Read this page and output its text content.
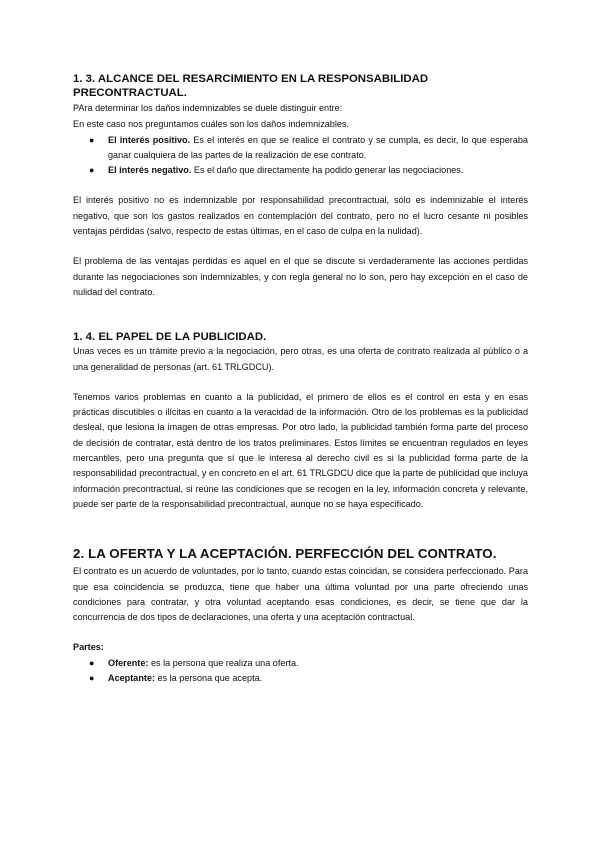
1. 3. ALCANCE DEL RESARCIMIENTO EN LA RESPONSABILIDAD PRECONTRACTUAL.
PAra determinar los daños indemnizables se duele distinguir entre:
En este caso nos preguntamos cuáles son los daños indemnizables.
● El interés positivo. Es el interés en que se realice el contrato y se cumpla, es decir, lo que esperaba ganar cualquiera de las partes de la realización de ese contrato.
● El interés negativo. Es el daño que directamente ha podido generar las negociaciones.

El interés positivo no es indemnizable por responsabilidad precontractual, sólo es indemnizable el interés negativo, que son los gastos realizados en contemplación del contrato, pero no el lucro cesante ni posibles ventajas pérdidas (salvo, respecto de estas últimas, en el caso de culpa en la nulidad).

El problema de las ventajas perdidas es aquel en el que se discute si verdaderamente las acciones perdidas durante las negociaciones son indemnizables, y con regla general no lo son, pero hay excepción en el caso de nulidad del contrato.

1. 4. EL PAPEL DE LA PUBLICIDAD.

Unas veces es un trámite previo a la negociación, pero otras, es una oferta de contrato realizada al público o a una generalidad de personas (art. 61 TRLGDCU).

Tenemos varios problemas en cuanto a la publicidad, el primero de ellos es el control en esta y en esas prácticas discutibles o ilícitas en cuanto a la veracidad de la información. Otro de los problemas es la publicidad desleal, que lesiona la imagen de otras empresas. Por otro lado, la publicidad también forma parte del proceso de decisión de contratar, está dentro de los tratos preliminares. Estos límites se encuentran regulados en leyes mercantiles, pero una pregunta que sí que le interesa al derecho civil es si la publicidad forma parte de la responsabilidad precontractual, y en concreto en el art. 61 TRLGDCU dice que la parte de publicidad que incluya información precontractual, si reúne las condiciones que se recogen en la ley, información concreta y relevante, puede ser parte de la responsabilidad precontractual, aunque no se haya especificado.

2. LA OFERTA Y LA ACEPTACIÓN. PERFECCIÓN DEL CONTRATO.

El contrato es un acuerdo de voluntades, por lo tanto, cuando estas coincidan, se considera perfeccionado. Para que esa coincidencia se produzca, tiene que haber una última voluntad por una parte ofreciendo unas condiciones para contratar, y otra voluntad aceptando esas condiciones, es decir, se tiene que dar la concurrencia de dos tipos de declaraciones, una oferta y una aceptación contractual.

Partes:
● Oferente: es la persona que realiza una oferta.
● Aceptante: es la persona que acepta.
